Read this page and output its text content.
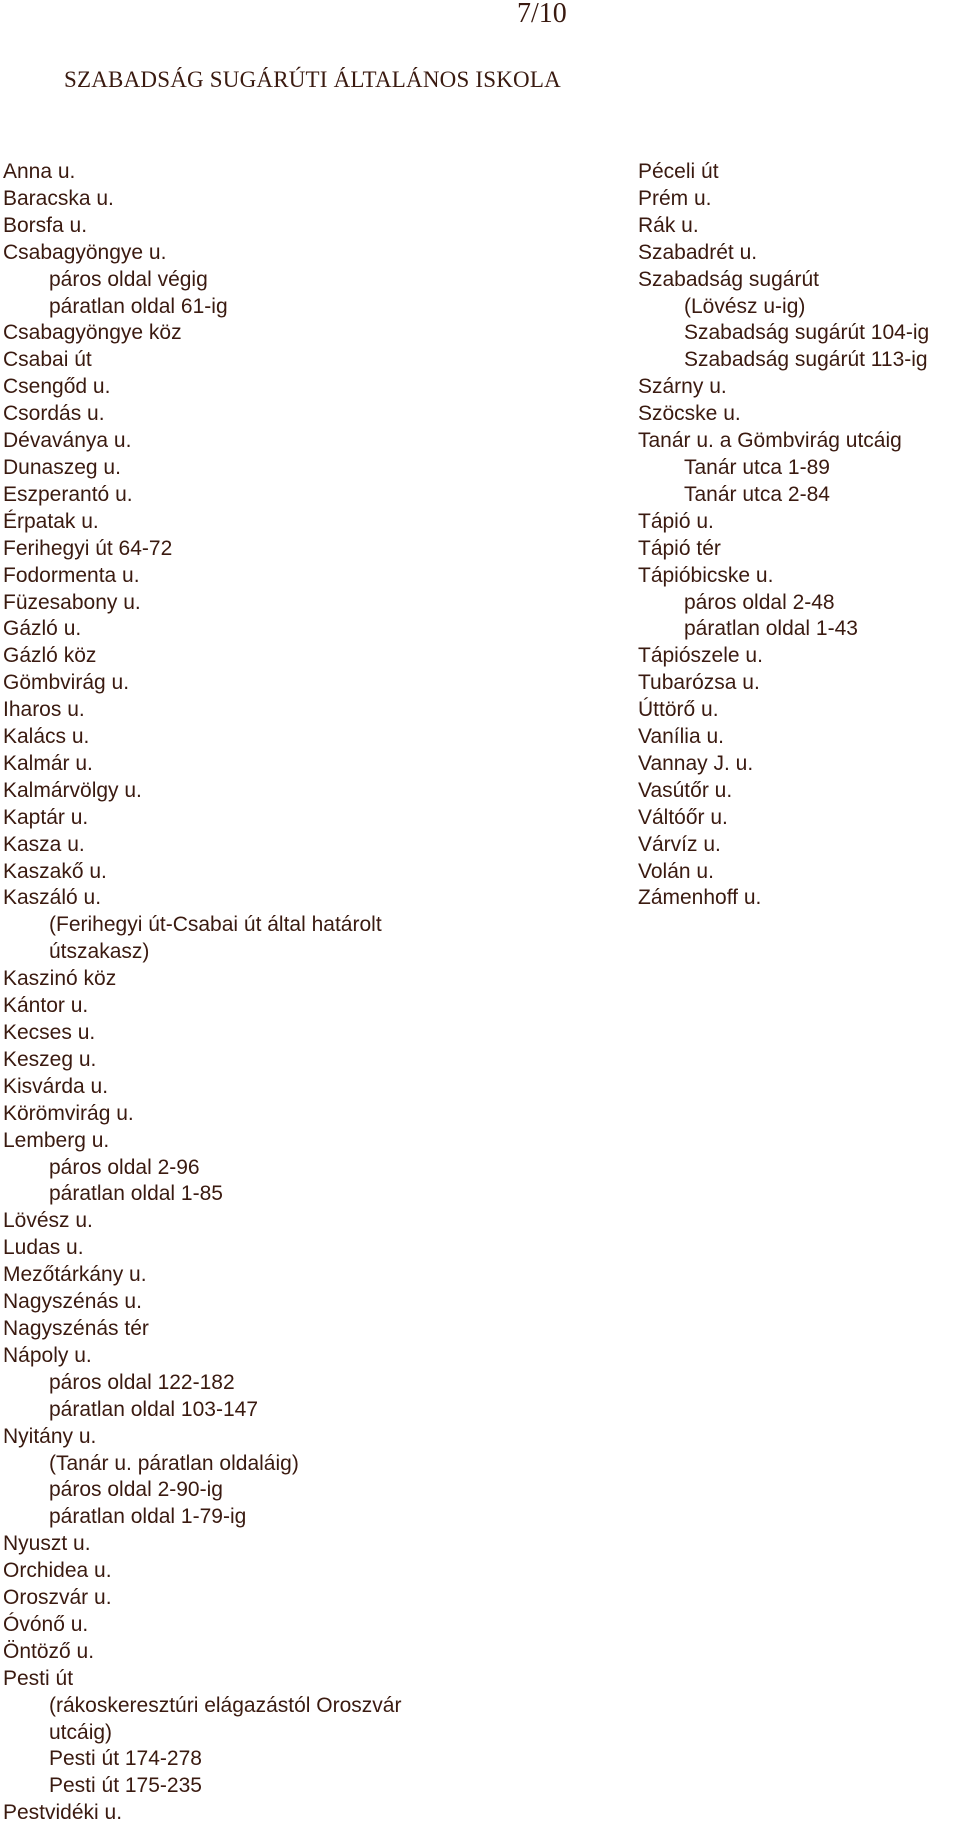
7/10
SZABADSÁG SUGÁRÚTI ÁLTALÁNOS ISKOLA
Anna u.
Baracska u.
Borsfa u.
Csabagyöngye u.
páros oldal végig
páratlan oldal 61-ig
Csabagyöngye köz
Csabai út
Csengőd u.
Csordás u.
Dévaványa u.
Dunaszeg u.
Eszperantó u.
Érpatak u.
Ferihegyi út 64-72
Fodormenta u.
Füzesabony u.
Gázló u.
Gázló köz
Gömbvirág u.
Iharos u.
Kalács u.
Kalmár u.
Kalmárvölgy u.
Kaptár u.
Kasza u.
Kaszakő u.
Kaszáló u.
(Ferihegyi út-Csabai út által határolt útszakasz)
Kaszinó köz
Kántor u.
Kecses u.
Keszeg u.
Kisvárda u.
Körömvirág u.
Lemberg u.
páros oldal 2-96
páratlan oldal 1-85
Lövész u.
Ludas u.
Mezőtárkány u.
Nagyszénás u.
Nagyszénás tér
Nápoly u.
páros oldal 122-182
páratlan oldal 103-147
Nyitány u.
(Tanár u. páratlan oldaláig)
páros oldal 2-90-ig
páratlan oldal 1-79-ig
Nyuszt u.
Orchidea u.
Oroszvár u.
Óvónő u.
Öntöző u.
Pesti út
(rákoskeresztúri elágazástól Oroszvár utcáig)
Pesti út 174-278
Pesti út 175-235
Pestvidéki u.
Péceli út
Prém u.
Rák u.
Szabadrét u.
Szabadság sugárút
(Lövész u-ig)
Szabadság sugárút 104-ig
Szabadság sugárút 113-ig
Szárny u.
Szöcske u.
Tanár u. a Gömbvirág utcáig
Tanár utca 1-89
Tanár utca 2-84
Tápió u.
Tápió tér
Tápióbicske u.
páros oldal 2-48
páratlan oldal 1-43
Tápiószele u.
Tubarózsa u.
Úttörő u.
Vanília u.
Vannay J. u.
Vasútőr u.
Váltóőr u.
Várvíz u.
Volán u.
Zámenhoff u.
